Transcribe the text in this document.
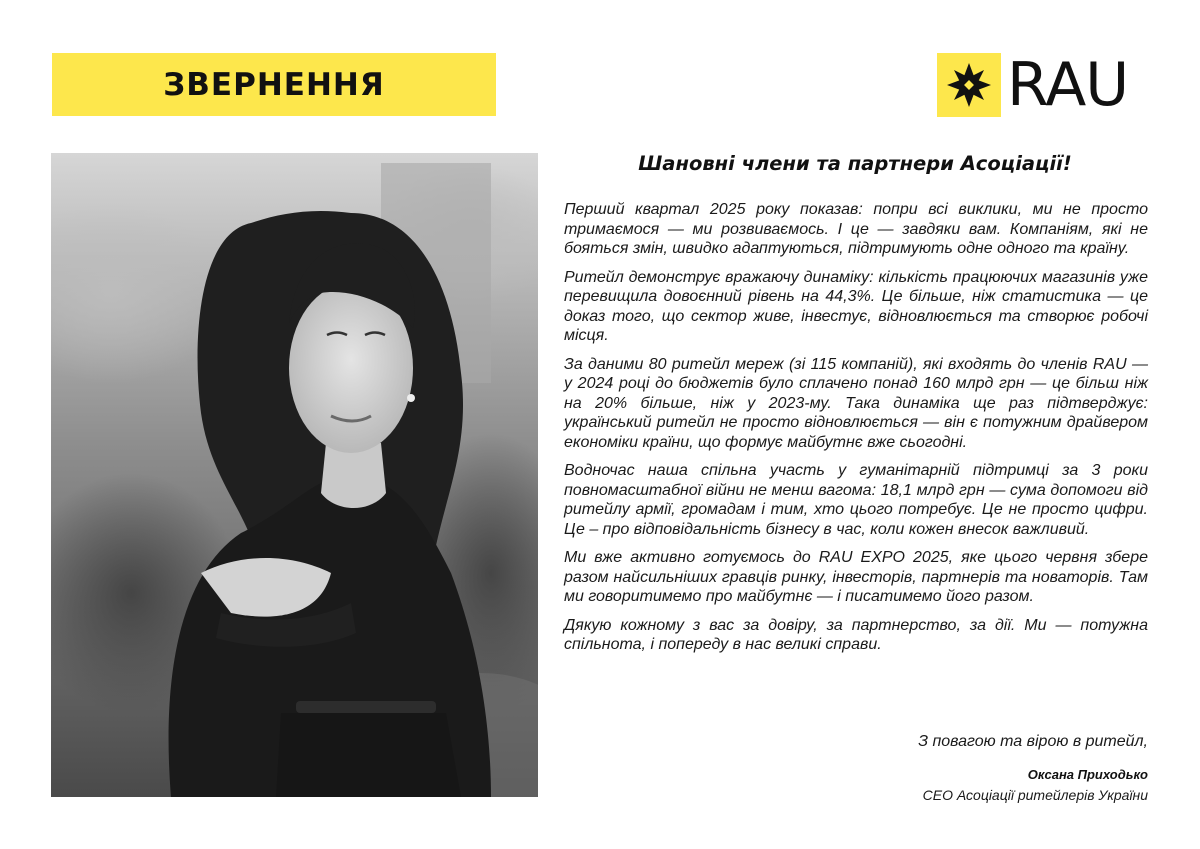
ЗВЕРНЕННЯ	RAU
Шановні члени та партнери Асоціації!

Перший квартал 2025 року показав: попри всі виклики, ми не просто тримаємося — ми розвиваємось. І це — завдяки вам. Компаніям, які не бояться змін, швидко адаптуються, підтримують одне одного та країну.

Ритейл демонструє вражаючу динаміку: кількість працюючих магазинів уже перевищила довоєнний рівень на 44,3%. Це більше, ніж статистика — це доказ того, що сектор живе, інвестує, відновлюється та створює робочі місця.

За даними 80 ритейл мереж (зі 115 компаній), які входять до членів RAU — у 2024 році до бюджетів було сплачено понад 160 млрд грн — це більш ніж на 20% більше, ніж у 2023-му. Така динаміка ще раз підтверджує: український ритейл не просто відновлюється — він є потужним драйвером економіки країни, що формує майбутнє вже сьогодні.

Водночас наша спільна участь у гуманітарній підтримці за 3 роки повномасштабної війни не менш вагома: 18,1 млрд грн — сума допомоги від ритейлу армії, громадам і тим, хто цього потребує. Це не просто цифри. Це – про відповідальність бізнесу в час, коли кожен внесок важливий.

Ми вже активно готуємось до RAU EXPO 2025, яке цього червня збере разом найсильніших гравців ринку, інвесторів, партнерів та новаторів. Там ми говоритимемо про майбутнє — і писатимемо його разом.

Дякую кожному з вас за довіру, за партнерство, за дії. Ми — потужна спільнота, і попереду в нас великі справи.

З повагою та вірою в ритейл,
Оксана Приходько
CEO Асоціації ритейлерів України
